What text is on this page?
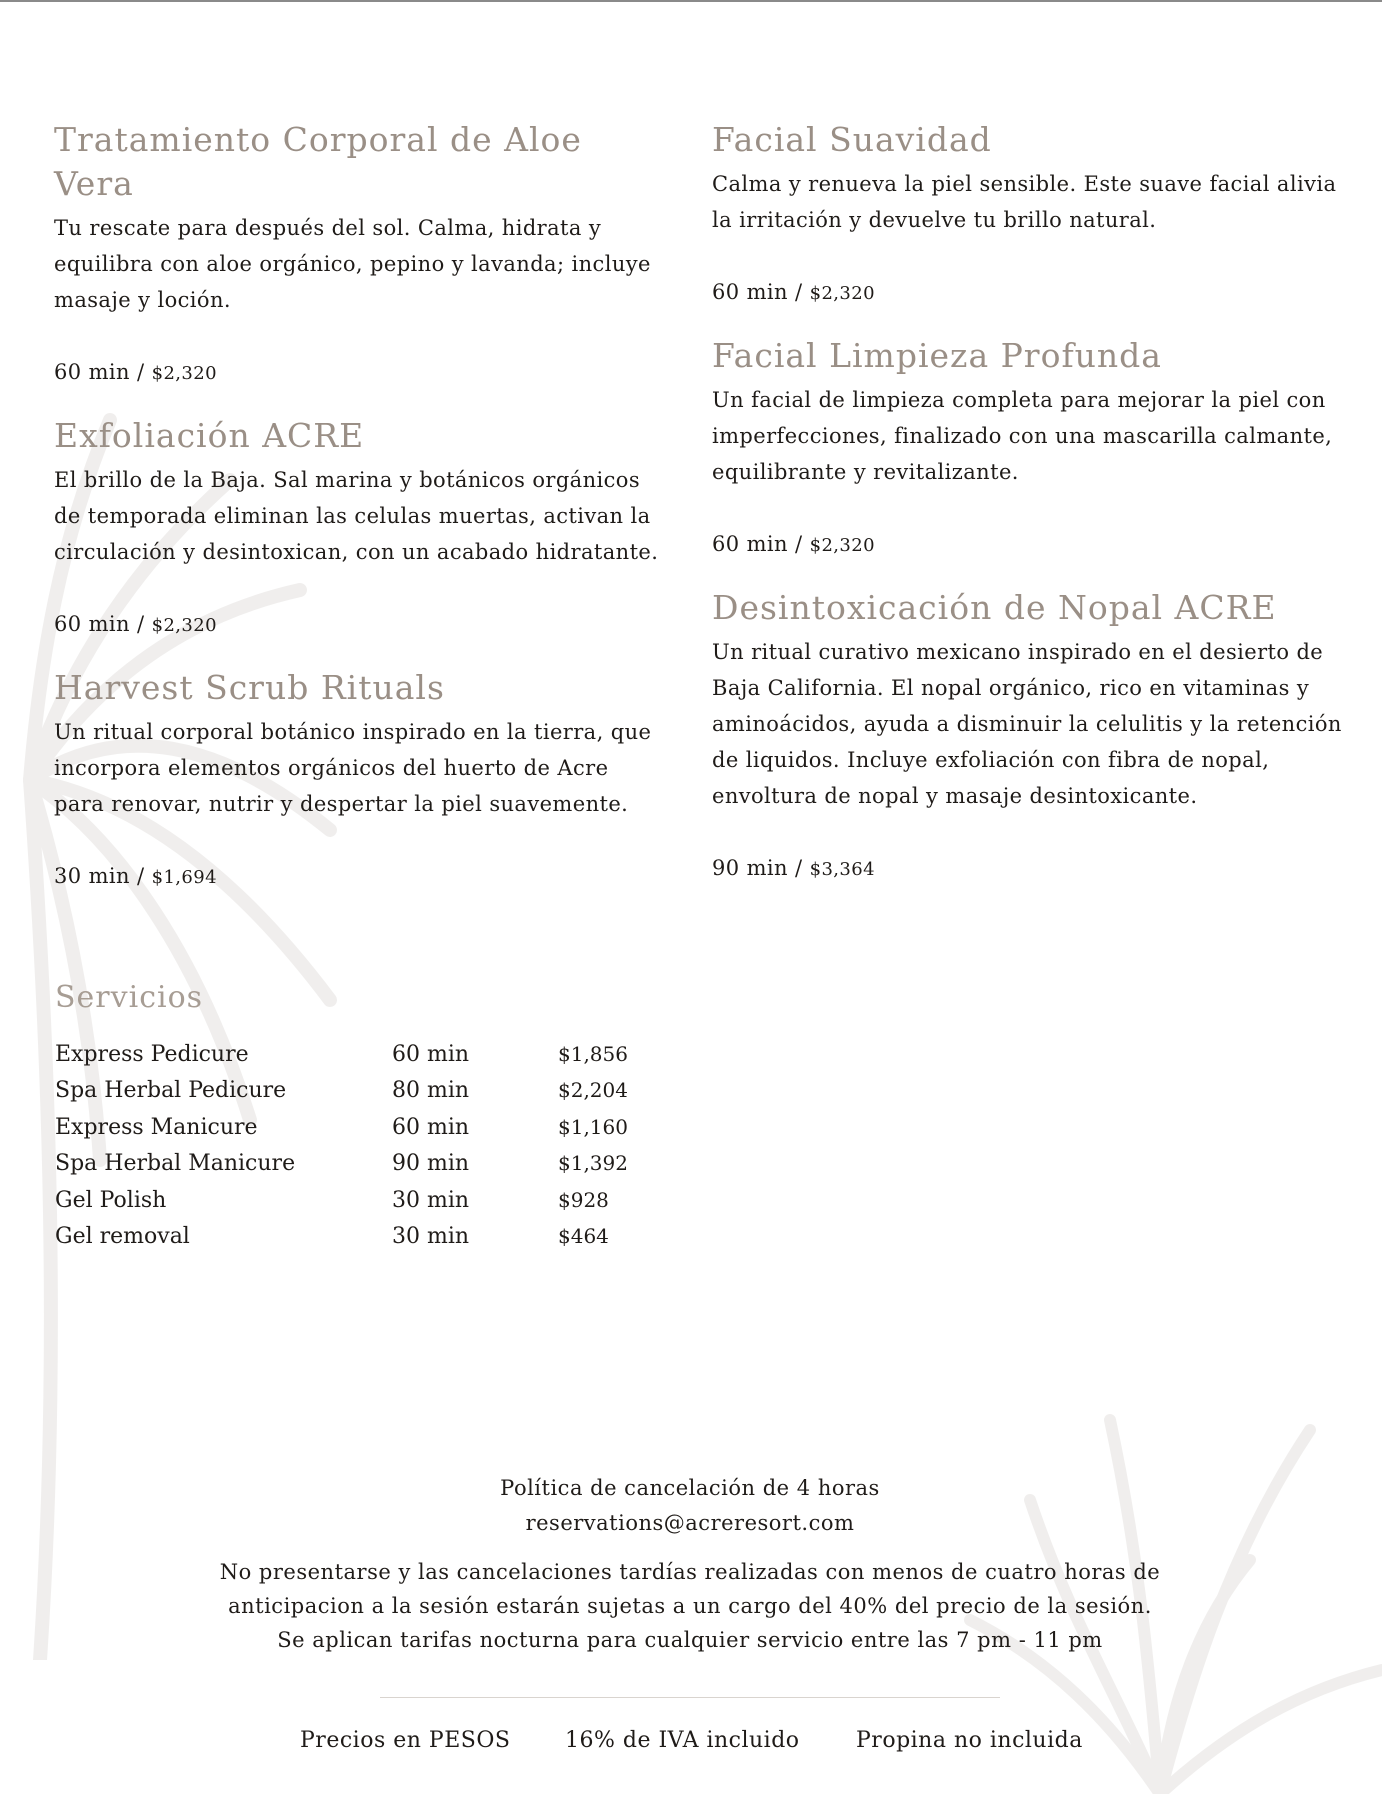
Tratamiento Corporal de Aloe Vera

Tu rescate para después del sol. Calma, hidrata y equilibra con aloe orgánico, pepino y lavanda; incluye masaje y loción.

60 min / $2,320
Exfoliación ACRE

El brillo de la Baja. Sal marina y botánicos orgánicos de temporada eliminan las celulas muertas, activan la circulación y desintoxican, con un acabado hidratante.

60 min / $2,320
Harvest Scrub Rituals

Un ritual corporal botánico inspirado en la tierra, que incorpora elementos orgánicos del huerto de Acre para renovar, nutrir y despertar la piel suavemente.

30 min / $1,694
Facial Suavidad

Calma y renueva la piel sensible. Este suave facial alivia la irritación y devuelve tu brillo natural.

60 min / $2,320
Facial Limpieza Profunda

Un facial de limpieza completa para mejorar la piel con imperfecciones, finalizado con una mascarilla calmante, equilibrante y revitalizante.

60 min / $2,320
Desintoxicación de Nopal ACRE

Un ritual curativo mexicano inspirado en el desierto de Baja California. El nopal orgánico, rico en vitaminas y aminoácidos, ayuda a disminuir la celulitis y la retención de liquidos. Incluye exfoliación con fibra de nopal, envoltura de nopal y masaje desintoxicante.

90 min / $3,364
Servicios
Express Pedicure	60 min	$1,856
Spa Herbal Pedicure	80 min	$2,204
Express Manicure	60 min	$1,160
Spa Herbal Manicure	90 min	$1,392
Gel Polish	30 min	$928
Gel removal	30 min	$464
Política de cancelación de 4 horas
reservations@acreresort.com
No presentarse y las cancelaciones tardías realizadas con menos de cuatro horas de
anticipacion a la sesión estarán sujetas a un cargo del 40% del precio de la sesión.
Se aplican tarifas nocturna para cualquier servicio entre las 7 pm - 11 pm
Precios en PESOS 16% de IVA incluido	Propina no incluida
